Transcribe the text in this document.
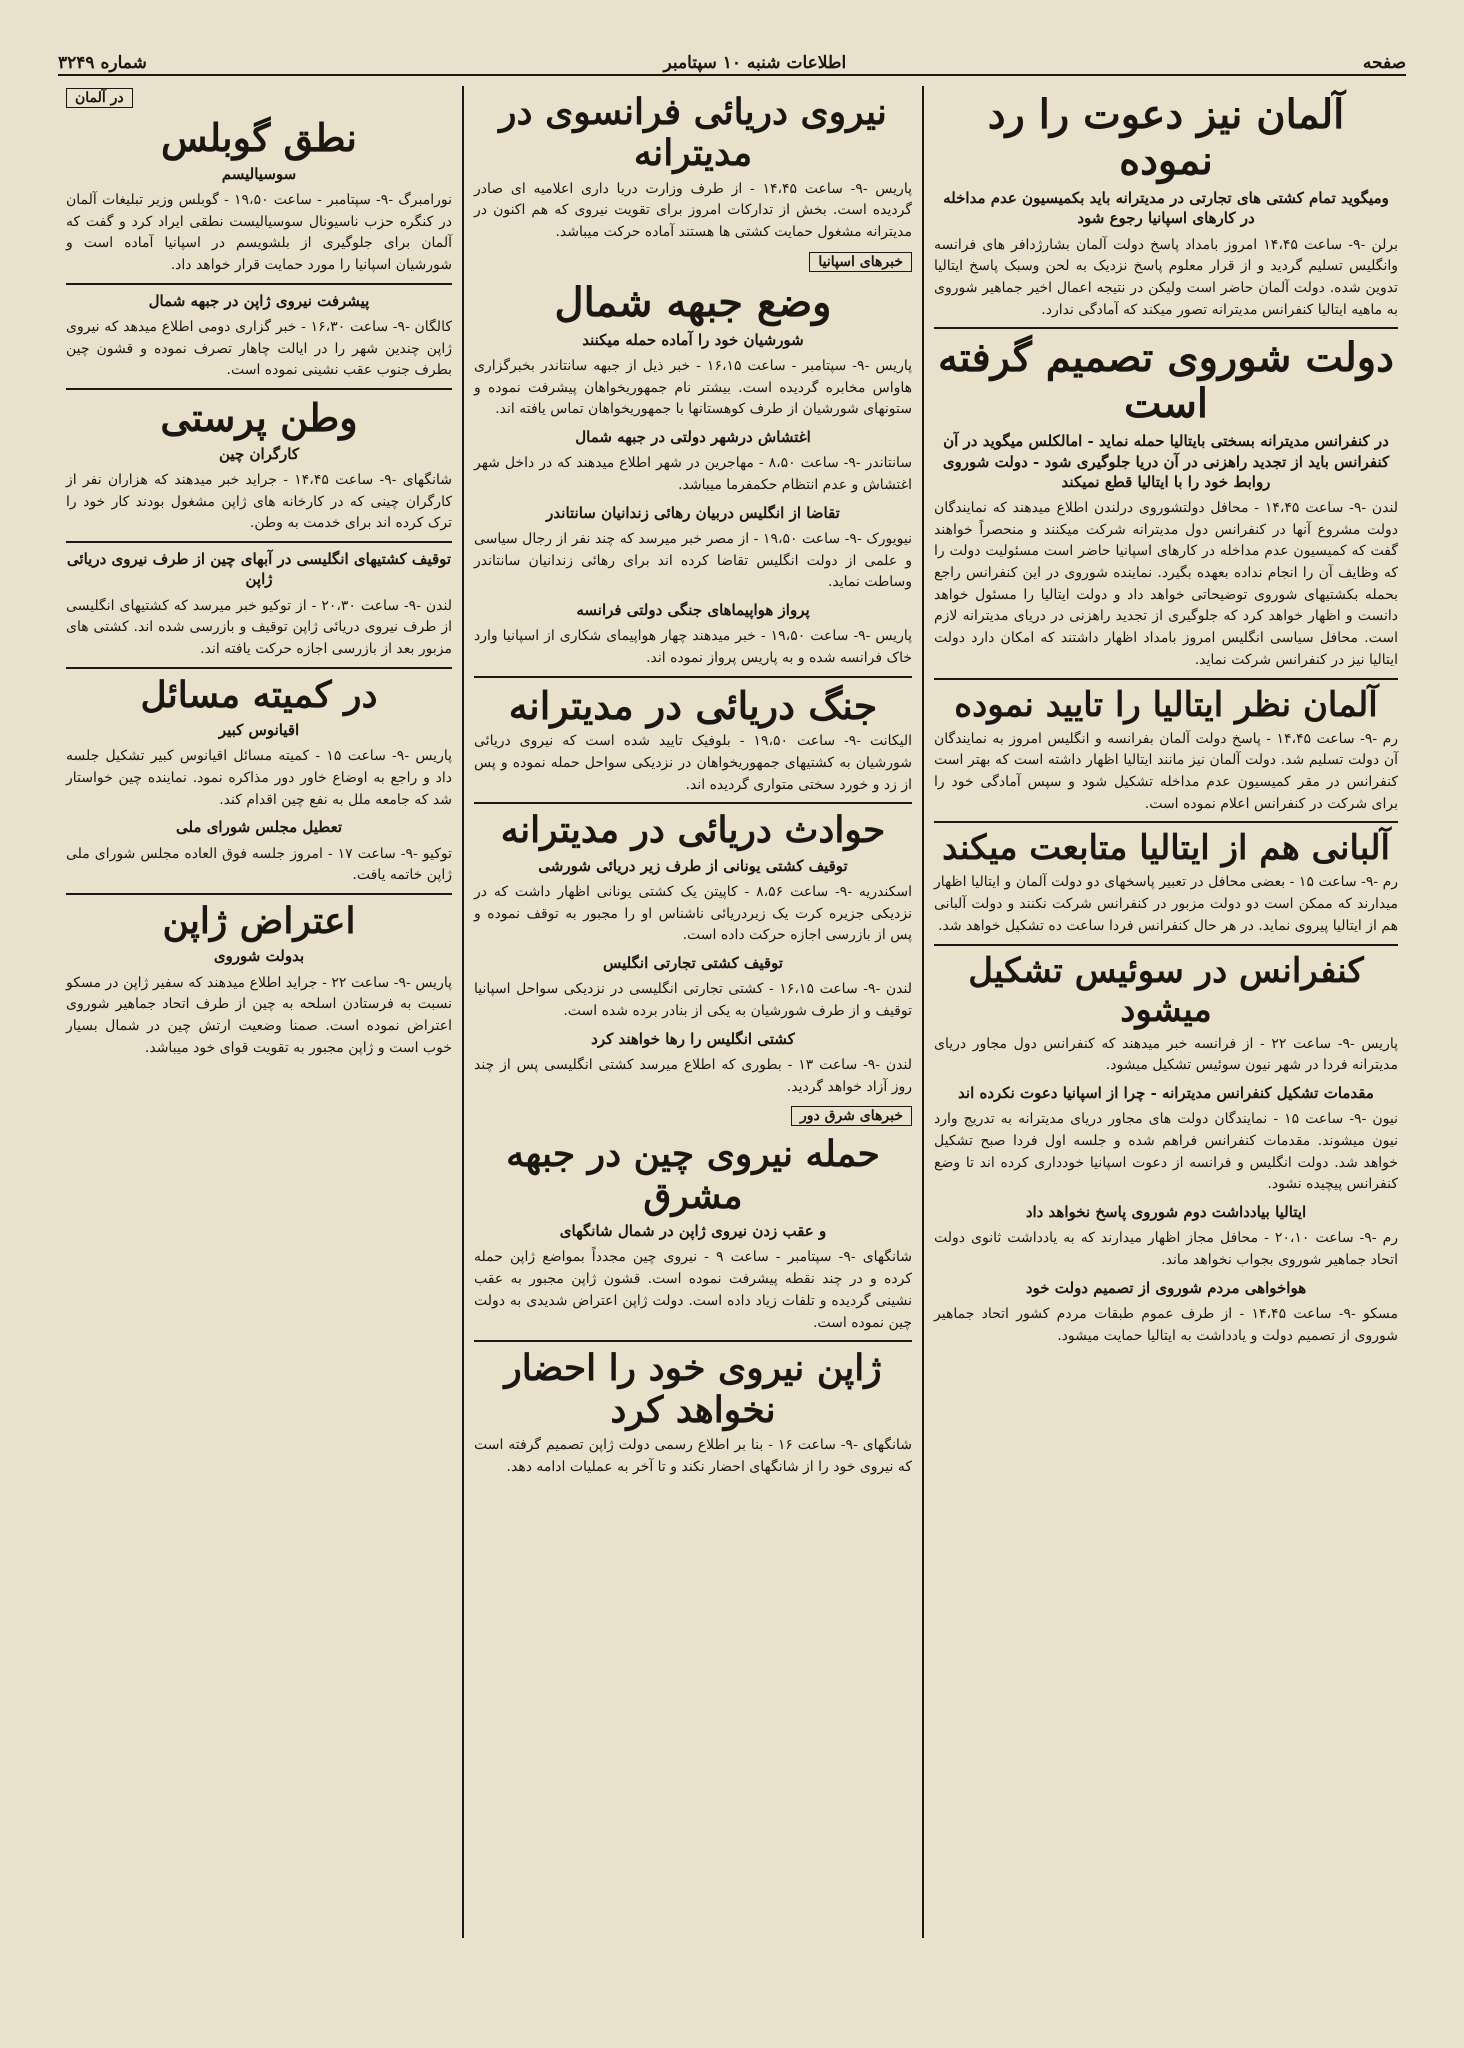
صفحه
اطلاعات شنبه ۱۰ سپتامبر
شماره ۳۲۴۹
آلمان نیز دعوت را رد نموده
ومیگوید تمام کشتی های تجارتی در مدیترانه باید بکمیسیون عدم مداخله در کارهای اسپانیا رجوع شود

برلن -۹- ساعت ۱۴،۴۵ امروز بامداد پاسخ دولت آلمان بشارژدافر های فرانسه وانگلیس تسلیم گردید و از قرار معلوم پاسخ نزدیک به لحن وسبک پاسخ ایتالیا تدوین شده. دولت آلمان حاضر است ولیکن در نتیجه اعمال اخیر جماهیر شوروی به ماهیه ایتالیا کنفرانس مدیترانه تصور میکند که آمادگی ندارد.

دولت شوروی تصمیم گرفته است
در کنفرانس مدیترانه بسختی بایتالیا حمله نماید - امالکلس میگوید در آن کنفرانس باید از تجدید راهزنی در آن دریا جلوگیری شود - دولت شوروی روابط خود را با ایتالیا قطع نمیکند

لندن -۹- ساعت ۱۴،۴۵ - محافل دولتشوروی درلندن اطلاع میدهند که نمایندگان دولت مشروع آنها در کنفرانس دول مدیترانه شرکت میکنند و منحصراً خواهند گفت که کمیسیون عدم مداخله در کارهای اسپانیا حاضر است مسئولیت دولت را که وظایف آن را انجام نداده بعهده بگیرد. نماینده شوروی در این کنفرانس راجع بحمله بکشتیهای شوروی توضیحاتی خواهد داد و دولت ایتالیا را مسئول خواهد دانست و اظهار خواهد کرد که جلوگیری از تجدید راهزنی در دریای مدیترانه لازم است. محافل سیاسی انگلیس امروز بامداد اظهار داشتند که امکان دارد دولت ایتالیا نیز در کنفرانس شرکت نماید.

آلمان نظر ایتالیا را تایید نموده

رم -۹- ساعت ۱۴،۴۵ - پاسخ دولت آلمان بفرانسه و انگلیس امروز به نمایندگان آن دولت تسلیم شد. دولت آلمان نیز مانند ایتالیا اظهار داشته است که بهتر است کنفرانس در مقر کمیسیون عدم مداخله تشکیل شود و سپس آمادگی خود را برای شرکت در کنفرانس اعلام نموده است.

آلبانی هم از ایتالیا متابعت میکند

رم -۹- ساعت ۱۵ - بعضی محافل در تعبیر پاسخهای دو دولت آلمان و ایتالیا اظهار میدارند که ممکن است دو دولت مزبور در کنفرانس شرکت نکنند و دولت آلبانی هم از ایتالیا پیروی نماید. در هر حال کنفرانس فردا ساعت ده تشکیل خواهد شد.

کنفرانس در سوئیس تشکیل میشود

پاریس -۹- ساعت ۲۲ - از فرانسه خبر میدهند که کنفرانس دول مجاور دریای مدیترانه فردا در شهر نیون سوئیس تشکیل میشود.

مقدمات تشکیل کنفرانس مدیترانه - چرا از اسپانیا دعوت نکرده اند

نیون -۹- ساعت ۱۵ - نمایندگان دولت های مجاور دریای مدیترانه به تدریج وارد نیون میشوند. مقدمات کنفرانس فراهم شده و جلسه اول فردا صبح تشکیل خواهد شد. دولت انگلیس و فرانسه از دعوت اسپانیا خودداری کرده اند تا وضع کنفرانس پیچیده نشود.

ایتالیا بیادداشت دوم شوروی پاسخ نخواهد داد

رم -۹- ساعت ۲۰،۱۰ - محافل مجاز اظهار میدارند که به یادداشت ثانوی دولت اتحاد جماهیر شوروی بجواب نخواهد ماند.

هواخواهی مردم شوروی از تصمیم دولت خود

مسکو -۹- ساعت ۱۴،۴۵ - از طرف عموم طبقات مردم کشور اتحاد جماهیر شوروی از تصمیم دولت و یادداشت به ایتالیا حمایت میشود.

نیروی دریائی فرانسوی در مدیترانه

پاریس -۹- ساعت ۱۴،۴۵ - از طرف وزارت دریا داری اعلامیه ای صادر گردیده است. بخش از تدارکات امروز برای تقویت نیروی که هم اکنون در مدیترانه مشغول حمایت کشتی ها هستند آماده حرکت میباشد.

خبرهای اسپانیا
وضع جبهه شمال
شورشیان خود را آماده حمله میکنند

پاریس -۹- سپتامبر - ساعت ۱۶،۱۵ - خبر ذیل از جبهه سانتاندر بخبرگزاری هاواس مخابره گردیده است. بیشتر نام جمهوریخواهان پیشرفت نموده و ستونهای شورشیان از طرف کوهستانها با جمهوریخواهان تماس یافته اند.

اغتشاش درشهر دولتی در جبهه شمال

سانتاندر -۹- ساعت ۸،۵۰ - مهاجرین در شهر اطلاع میدهند که در داخل شهر اغتشاش و عدم انتظام حکمفرما میباشد.

تقاضا از انگلیس دربیان رهائی زندانیان سانتاندر

نیویورک -۹- ساعت ۱۹،۵۰ - از مصر خبر میرسد که چند نفر از رجال سیاسی و علمی از دولت انگلیس تقاضا کرده اند برای رهائی زندانیان سانتاندر وساطت نماید.

پرواز هواپیماهای جنگی دولتی فرانسه

پاریس -۹- ساعت ۱۹،۵۰ - خبر میدهند چهار هواپیمای شکاری از اسپانیا وارد خاک فرانسه شده و به پاریس پرواز نموده اند.

جنگ دریائی در مدیترانه

الیکانت -۹- ساعت ۱۹،۵۰ - بلوفیک تایید شده است که نیروی دریائی شورشیان به کشتیهای جمهوریخواهان در نزدیکی سواحل حمله نموده و پس از زد و خورد سختی متواری گردیده اند.

حوادث دریائی در مدیترانه
توقیف کشتی یونانی از طرف زیر دریائی شورشی

اسکندریه -۹- ساعت ۸،۵۶ - کاپیتن یک کشتی یونانی اظهار داشت که در نزدیکی جزیره کرت یک زیردریائی ناشناس او را مجبور به توقف نموده و پس از بازرسی اجازه حرکت داده است.

توقیف کشتی تجارتی انگلیس

لندن -۹- ساعت ۱۶،۱۵ - کشتی تجارتی انگلیسی در نزدیکی سواحل اسپانیا توقیف و از طرف شورشیان به یکی از بنادر برده شده است.

کشتی انگلیس را رها خواهند کرد

لندن -۹- ساعت ۱۳ - بطوری که اطلاع میرسد کشتی انگلیسی پس از چند روز آزاد خواهد گردید.

خبرهای شرق دور
حمله نیروی چین در جبهه مشرق
و عقب زدن نیروی ژاپن در شمال شانگهای

شانگهای -۹- سپتامبر - ساعت ۹ - نیروی چین مجدداً بمواضع ژاپن حمله کرده و در چند نقطه پیشرفت نموده است. قشون ژاپن مجبور به عقب نشینی گردیده و تلفات زیاد داده است. دولت ژاپن اعتراض شدیدی به دولت چین نموده است.

ژاپن نیروی خود را احضار نخواهد کرد

شانگهای -۹- ساعت ۱۶ - بنا بر اطلاع رسمی دولت ژاپن تصمیم گرفته است که نیروی خود را از شانگهای احضار نکند و تا آخر به عملیات ادامه دهد.

در آلمان
نطق گوبلس
سوسیالیسم

نورامبرگ -۹- سپتامبر - ساعت ۱۹،۵۰ - گوبلس وزیر تبلیغات آلمان در کنگره حزب ناسیونال سوسیالیست نطقی ایراد کرد و گفت که آلمان برای جلوگیری از بلشویسم در اسپانیا آماده است و شورشیان اسپانیا را مورد حمایت قرار خواهد داد.

پیشرفت نیروی ژاپن در جبهه شمال

کالگان -۹- ساعت ۱۶،۳۰ - خبر گزاری دومی اطلاع میدهد که نیروی ژاپن چندین شهر را در ایالت چاهار تصرف نموده و قشون چین بطرف جنوب عقب نشینی نموده است.

وطن پرستی
کارگران چین

شانگهای -۹- ساعت ۱۴،۴۵ - جراید خبر میدهند که هزاران نفر از کارگران چینی که در کارخانه های ژاپن مشغول بودند کار خود را ترک کرده اند برای خدمت به وطن.

توقیف کشتیهای انگلیسی در آبهای چین از طرف نیروی دریائی ژاپن

لندن -۹- ساعت ۲۰،۳۰ - از توکیو خبر میرسد که کشتیهای انگلیسی از طرف نیروی دریائی ژاپن توقیف و بازرسی شده اند. کشتی های مزبور بعد از بازرسی اجازه حرکت یافته اند.

در کمیته مسائل
اقیانوس کبیر

پاریس -۹- ساعت ۱۵ - کمیته مسائل اقیانوس کبیر تشکیل جلسه داد و راجع به اوضاع خاور دور مذاکره نمود. نماینده چین خواستار شد که جامعه ملل به نفع چین اقدام کند.

تعطیل مجلس شورای ملی

توکیو -۹- ساعت ۱۷ - امروز جلسه فوق العاده مجلس شورای ملی ژاپن خاتمه یافت.

اعتراض ژاپن
بدولت شوروی

پاریس -۹- ساعت ۲۲ - جراید اطلاع میدهند که سفیر ژاپن در مسکو نسبت به فرستادن اسلحه به چین از طرف اتحاد جماهیر شوروی اعتراض نموده است. صمنا وضعیت ارتش چین در شمال بسیار خوب است و ژاپن مجبور به تقویت قوای خود میباشد.
